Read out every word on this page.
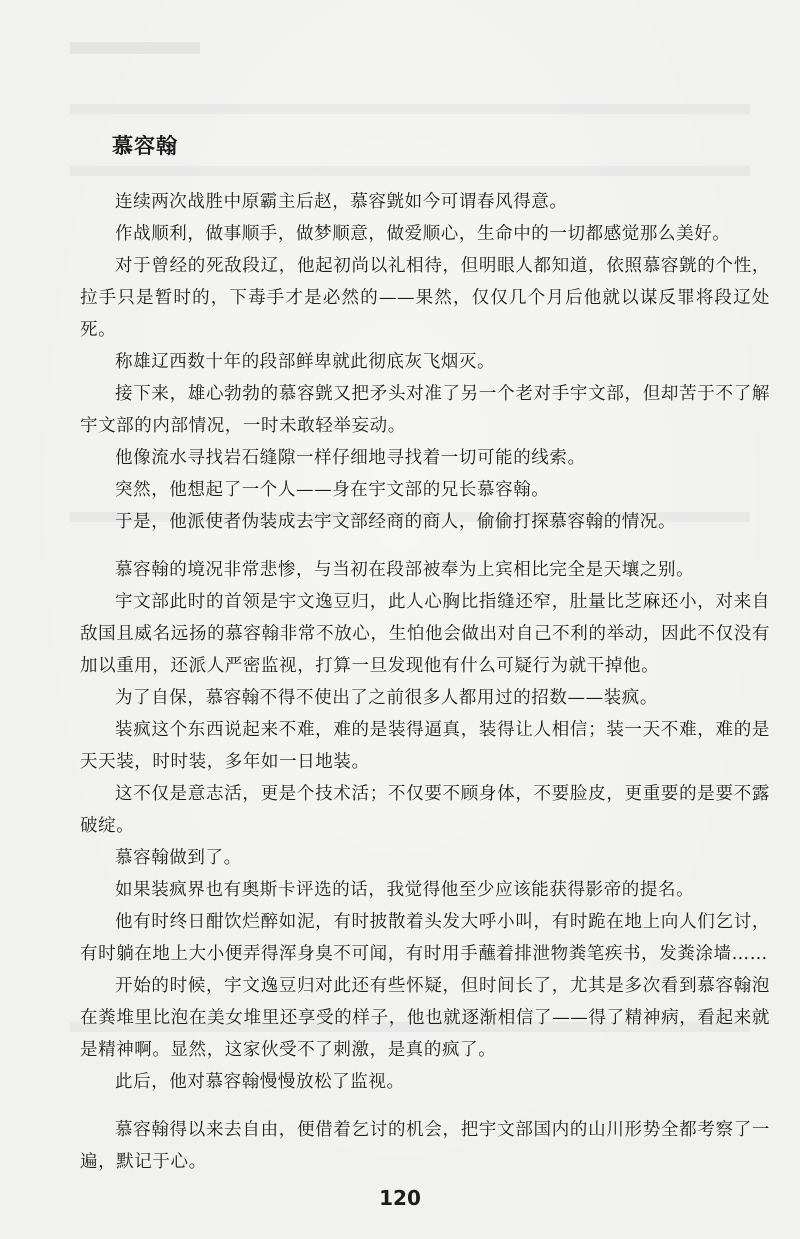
慕容翰

连续两次战胜中原霸主后赵，慕容皝如今可谓春风得意。

作战顺利，做事顺手，做梦顺意，做爱顺心，生命中的一切都感觉那么美好。

对于曾经的死敌段辽，他起初尚以礼相待，但明眼人都知道，依照慕容皝的个性，拉手只是暂时的，下毒手才是必然的——果然，仅仅几个月后他就以谋反罪将段辽处死。

称雄辽西数十年的段部鲜卑就此彻底灰飞烟灭。

接下来，雄心勃勃的慕容皝又把矛头对准了另一个老对手宇文部，但却苦于不了解宇文部的内部情况，一时未敢轻举妄动。

他像流水寻找岩石缝隙一样仔细地寻找着一切可能的线索。

突然，他想起了一个人——身在宇文部的兄长慕容翰。

于是，他派使者伪装成去宇文部经商的商人，偷偷打探慕容翰的情况。

慕容翰的境况非常悲惨，与当初在段部被奉为上宾相比完全是天壤之别。

宇文部此时的首领是宇文逸豆归，此人心胸比指缝还窄，肚量比芝麻还小，对来自敌国且威名远扬的慕容翰非常不放心，生怕他会做出对自己不利的举动，因此不仅没有加以重用，还派人严密监视，打算一旦发现他有什么可疑行为就干掉他。

为了自保，慕容翰不得不使出了之前很多人都用过的招数——装疯。

装疯这个东西说起来不难，难的是装得逼真，装得让人相信；装一天不难，难的是天天装，时时装，多年如一日地装。

这不仅是意志活，更是个技术活；不仅要不顾身体，不要脸皮，更重要的是要不露破绽。

慕容翰做到了。

如果装疯界也有奥斯卡评选的话，我觉得他至少应该能获得影帝的提名。

他有时终日酣饮烂醉如泥，有时披散着头发大呼小叫，有时跪在地上向人们乞讨，有时躺在地上大小便弄得浑身臭不可闻，有时用手蘸着排泄物粪笔疾书，发粪涂墙……

开始的时候，宇文逸豆归对此还有些怀疑，但时间长了，尤其是多次看到慕容翰泡在粪堆里比泡在美女堆里还享受的样子，他也就逐渐相信了——得了精神病，看起来就是精神啊。显然，这家伙受不了刺激，是真的疯了。

此后，他对慕容翰慢慢放松了监视。

慕容翰得以来去自由，便借着乞讨的机会，把宇文部国内的山川形势全都考察了一遍，默记于心。

120
